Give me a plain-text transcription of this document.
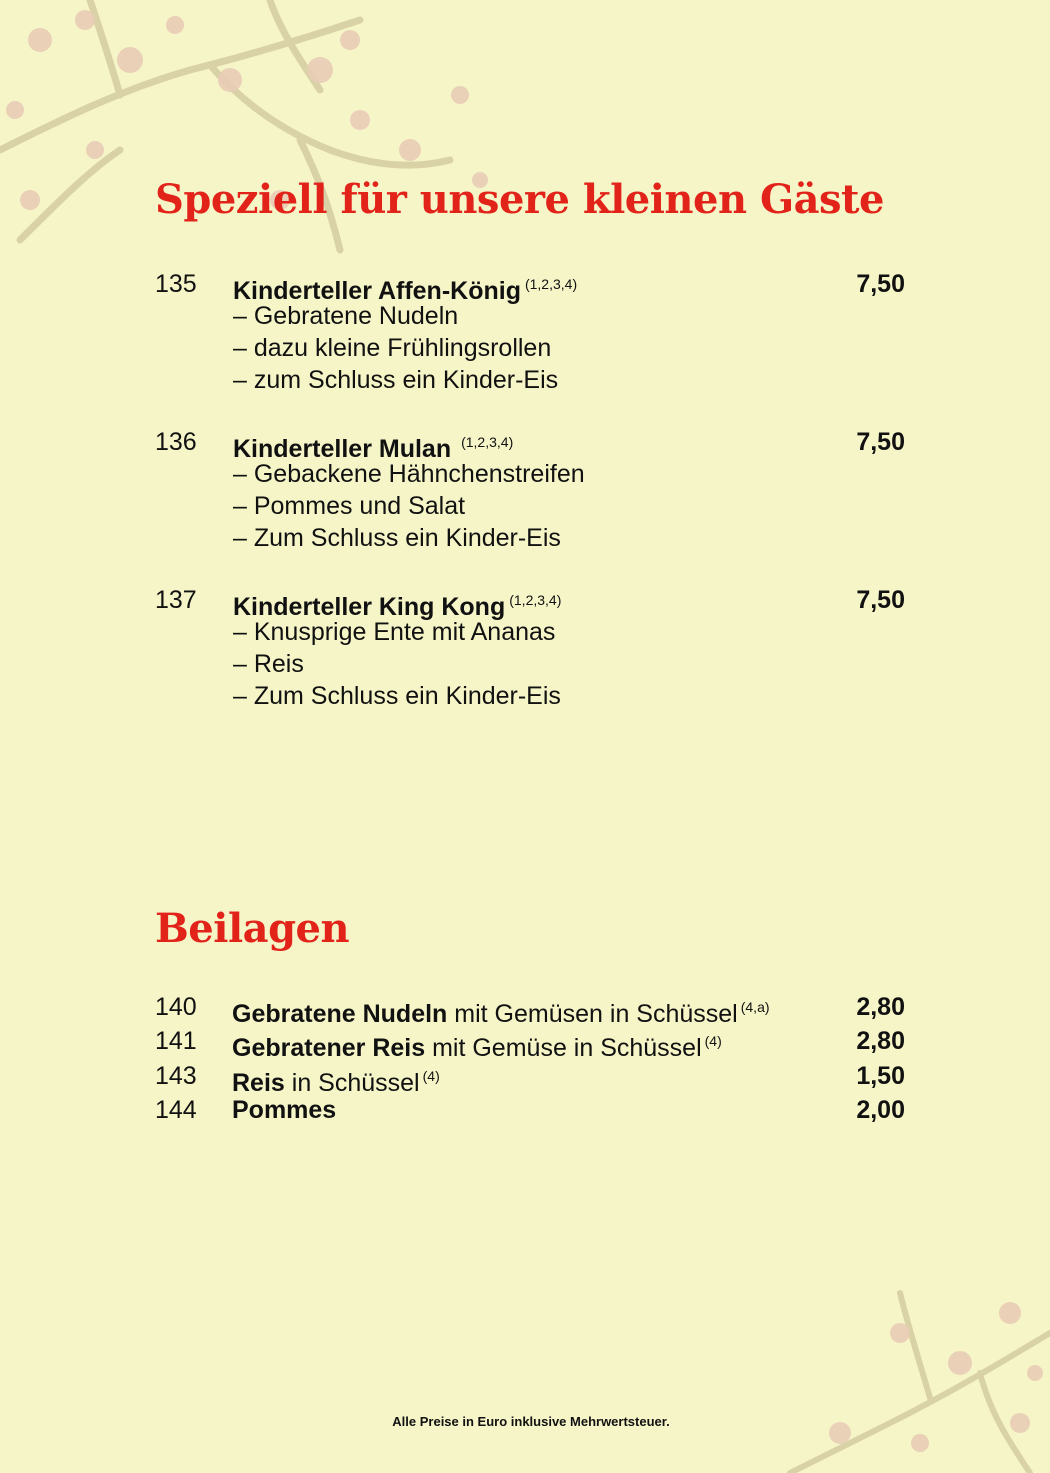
Speziell für unsere kleinen Gäste
135 Kinderteller Affen-König $^{(1,2,3,4)}$	7,50
– Gebratene Nudeln
– dazu kleine Frühlingsrollen
– zum Schluss ein Kinder-Eis
136 Kinderteller Mulan $^{(1,2,3,4)}$	7,50
– Gebackene Hähnchenstreifen
– Pommes und Salat
– Zum Schluss ein Kinder-Eis
137 Kinderteller King Kong $^{(1,2,3,4)}$	7,50
– Knusprige Ente mit Ananas
– Reis
– Zum Schluss ein Kinder-Eis
Beilagen
140 Gebratene Nudeln mit Gemüsen in Schüssel $^{(4,a)}$	2,80
141 Gebratener Reis mit Gemüse in Schüssel $^{(4)}$	2,80
143 Reis in Schüssel $^{(4)}$	1,50
144 Pommes	2,00
Alle Preise in Euro inklusive Mehrwertsteuer.
